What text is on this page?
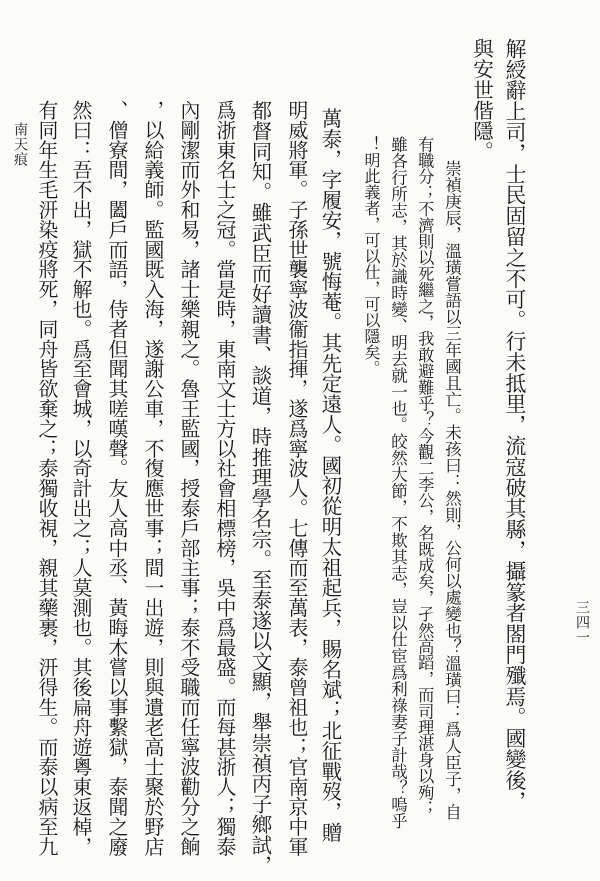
解綬辭上司，士民固留之不可。行未抵里，流寇破其縣，攝篆者閤門殲焉。國變後，
與安世偕隱。
崇禎庚辰，溫璜嘗語以三年國且亡。未孩曰：然則，公何以處變也？溫璜曰：爲人臣子，自
有職分；不濟則以死繼之，我敢避難乎？今觀二李公，名既成矣，孑然高蹈，而司理湛身以殉；
雖各行所志，其於識時變、明去就一也。皎然大節，不欺其志，豈以仕宦爲利祿妻子計哉？嗚乎
！明此義者，可以仕，可以隱矣。
萬泰，字履安，號悔菴。其先定遠人。國初從明太祖起兵，賜名斌；北征戰歿，贈
明威將軍。子孫世襲寧波衞指揮，遂爲寧波人。七傳而至萬表，泰曾祖也；官南京中軍
都督同知。雖武臣而好讀書、談道，時推理學名宗。至泰遂以文顯，舉崇禎丙子鄉試，
爲浙東名士之冠。當是時，東南文士方以社會相標榜，吳中爲最盛。而每甚浙人；獨泰
內剛潔而外和易，諸士樂親之。魯王監國，授泰戶部主事；泰不受職而任寧波勸分之餉
，以給義師。監國既入海，遂謝公車，不復應世事；間一出遊，則與遺老高士聚於野店
、僧寮間，闔戶而語，侍者但聞其嗟嘆聲。友人高中丞、黃晦木嘗以事繫獄，泰聞之廢
然曰：吾不出，獄不解也。爲至會城，以奇計出之；人莫測也。其後扁舟遊粵東返棹，
有同年生毛汧染疫將死，同舟皆欲棄之；泰獨收視，親其藥裹，汧得生。而泰以病至九
南天痕
三四一
